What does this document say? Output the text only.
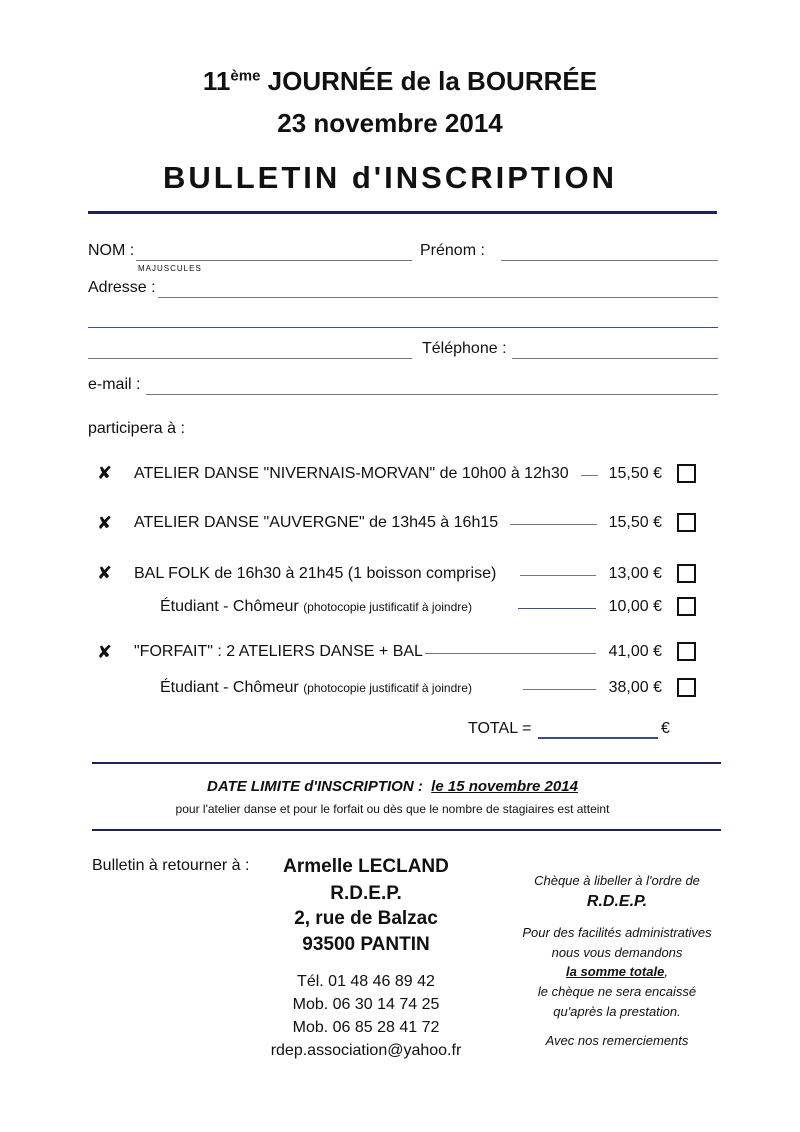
11ème JOURNÉE de la BOURRÉE
23 novembre 2014
BULLETIN d'INSCRIPTION
NOM :
MAJUSCULES
Prénom :
Adresse :
Téléphone :
e-mail :
participera à :
✘ ATELIER DANSE "NIVERNAIS-MORVAN" de 10h00 à 12h30	15,50 €
✘ ATELIER DANSE "AUVERGNE" de 13h45 à 16h15	15,50 €
✘ BAL FOLK de 16h30 à 21h45 (1 boisson comprise)	13,00 €
Étudiant - Chômeur (photocopie justificatif à joindre)	10,00 €
✘ "FORFAIT" : 2 ATELIERS DANSE + BAL	41,00 €
Étudiant - Chômeur (photocopie justificatif à joindre)	38,00 €
TOTAL =	€
DATE LIMITE d'INSCRIPTION : le 15 novembre 2014
pour l'atelier danse et pour le forfait ou dès que le nombre de stagiaires est atteint
Bulletin à retourner à :	Armelle LECLAND
R.D.E.P.
2, rue de Balzac
93500 PANTIN
Tél. 01 48 46 89 42
Mob. 06 30 14 74 25
Mob. 06 85 28 41 72
rdep.association@yahoo.fr
Chèque à libeller à l'ordre de
R.D.E.P.
Pour des facilités administratives
nous vous demandons
la somme totale,
le chèque ne sera encaissé
qu'après la prestation.
Avec nos remerciements
